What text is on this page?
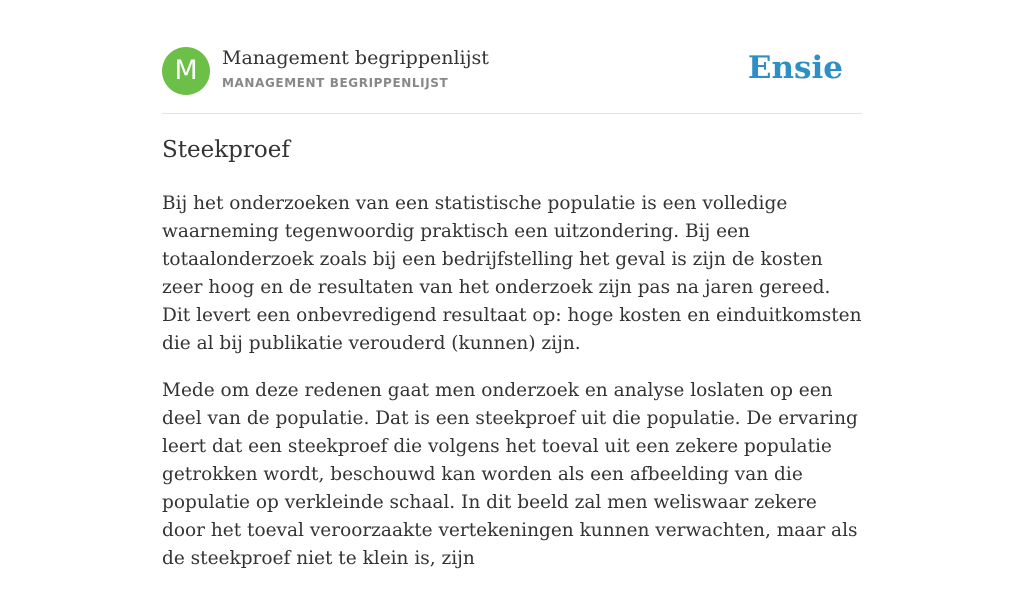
M	Management begrippenlijst
MANAGEMENT BEGRIPPENLIJST	Ensie
Steekproef

Bij het onderzoeken van een statistische populatie is een volledige waarneming tegenwoordig praktisch een uitzondering. Bij een totaalonderzoek zoals bij een bedrijfstelling het geval is zijn de kosten zeer hoog en de resultaten van het onderzoek zijn pas na jaren gereed. Dit levert een onbevredigend resultaat op: hoge kosten en einduitkomsten die al bij publikatie verouderd (kunnen) zijn.

Mede om deze redenen gaat men onderzoek en analyse loslaten op een deel van de populatie. Dat is een steekproef uit die populatie. De ervaring leert dat een steekproef die volgens het toeval uit een zekere populatie getrokken wordt, beschouwd kan worden als een afbeelding van die populatie op verkleinde schaal. In dit beeld zal men weliswaar zekere door het toeval veroorzaakte vertekeningen kunnen verwachten, maar als de steekproef niet te klein is, zijn
